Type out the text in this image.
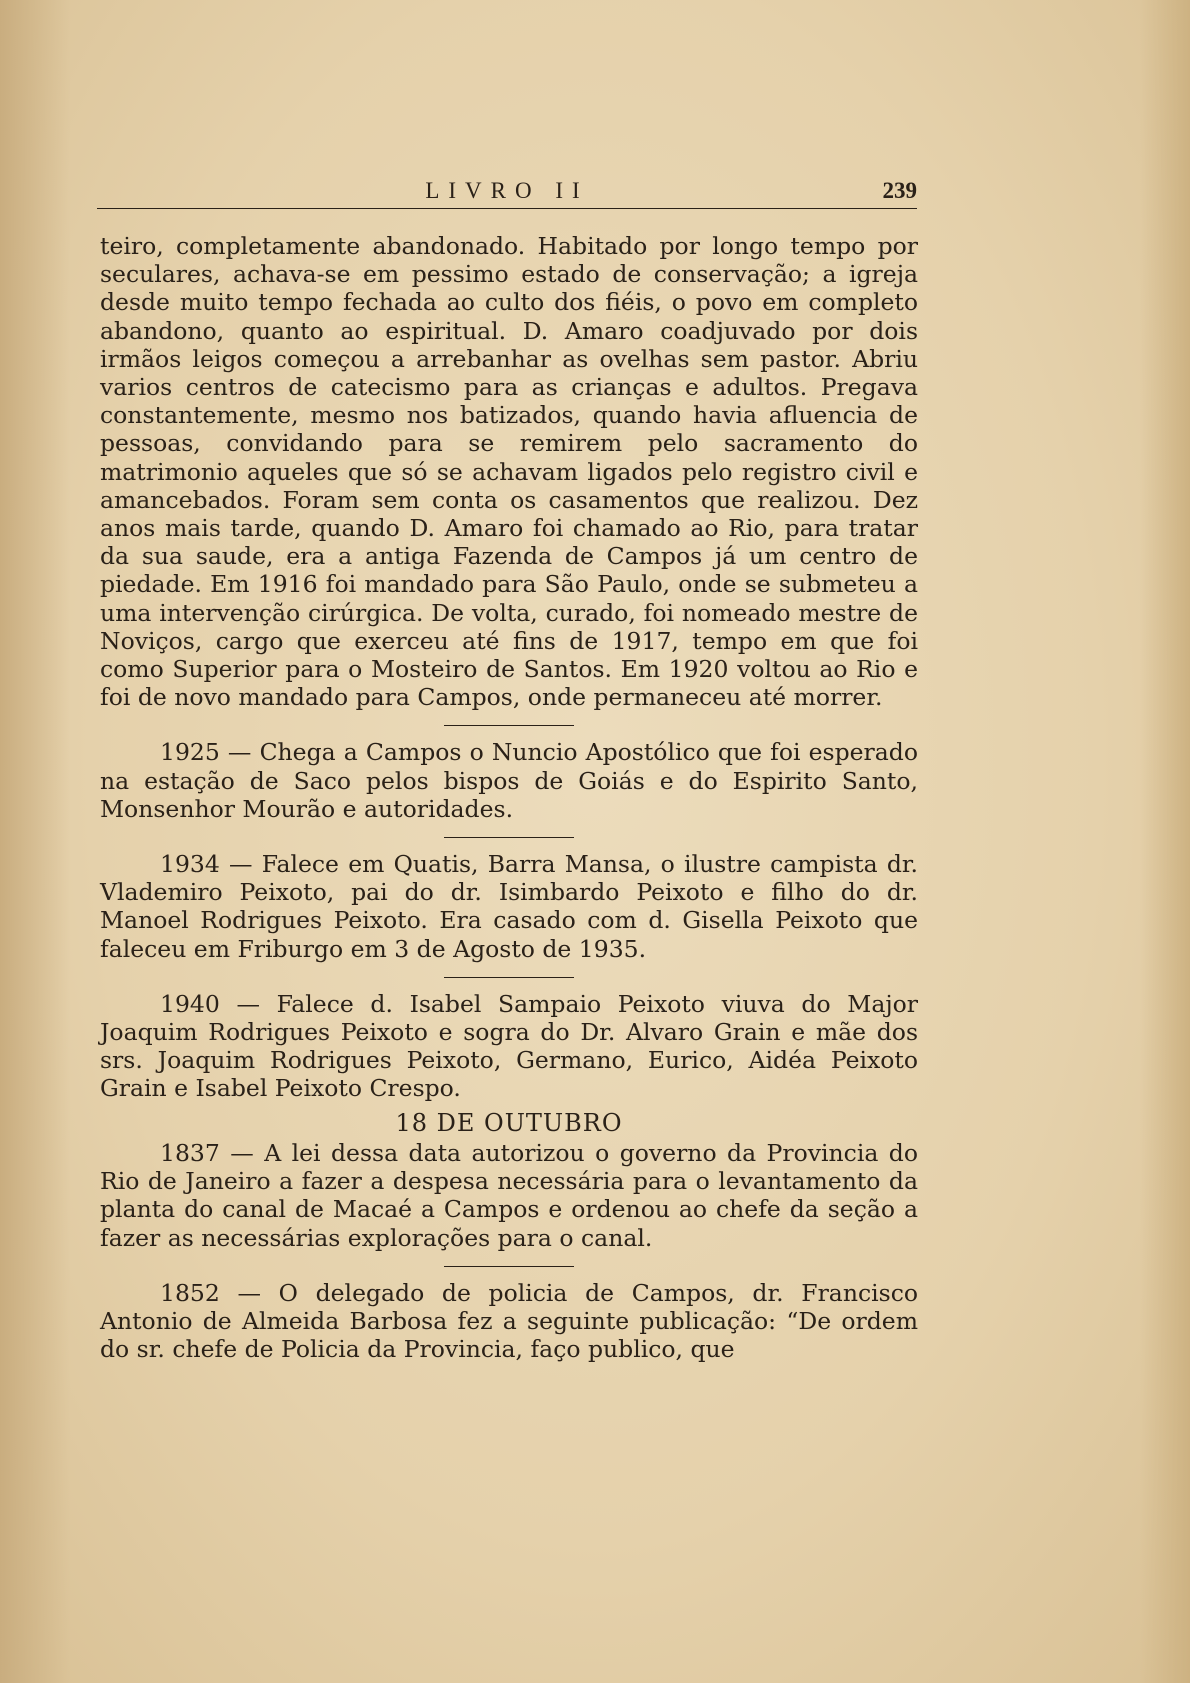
LIVRO II	239

teiro, completamente abandonado. Habitado por longo tempo por seculares, achava-se em pessimo estado de conservação; a igreja desde muito tempo fechada ao culto dos fiéis, o povo em completo abandono, quanto ao espiritual. D. Amaro coadjuvado por dois irmãos leigos começou a arrebanhar as ovelhas sem pastor. Abriu varios centros de catecismo para as crianças e adultos. Pregava constantemente, mesmo nos batizados, quando havia afluencia de pessoas, convidando para se remirem pelo sacramento do matrimonio aqueles que só se achavam ligados pelo registro civil e amancebados. Foram sem conta os casamentos que realizou. Dez anos mais tarde, quando D. Amaro foi chamado ao Rio, para tratar da sua saude, era a antiga Fazenda de Campos já um centro de piedade. Em 1916 foi mandado para São Paulo, onde se submeteu a uma intervenção cirúrgica. De volta, curado, foi nomeado mestre de Noviços, cargo que exerceu até fins de 1917, tempo em que foi como Superior para o Mosteiro de Santos. Em 1920 voltou ao Rio e foi de novo mandado para Campos, onde permaneceu até morrer.

1925 — Chega a Campos o Nuncio Apostólico que foi esperado na estação de Saco pelos bispos de Goiás e do Espirito Santo, Monsenhor Mourão e autoridades.

1934 — Falece em Quatis, Barra Mansa, o ilustre campista dr. Vlademiro Peixoto, pai do dr. Isimbardo Peixoto e filho do dr. Manoel Rodrigues Peixoto. Era casado com d. Gisella Peixoto que faleceu em Friburgo em 3 de Agosto de 1935.

1940 — Falece d. Isabel Sampaio Peixoto viuva do Major Joaquim Rodrigues Peixoto e sogra do Dr. Alvaro Grain e mãe dos srs. Joaquim Rodrigues Peixoto, Germano, Eurico, Aidéa Peixoto Grain e Isabel Peixoto Crespo.

18 DE OUTUBRO

1837 — A lei dessa data autorizou o governo da Provincia do Rio de Janeiro a fazer a despesa necessária para o levantamento da planta do canal de Macaé a Campos e ordenou ao chefe da seção a fazer as necessárias explorações para o canal.

1852 — O delegado de policia de Campos, dr. Francisco Antonio de Almeida Barbosa fez a seguinte publicação: “De ordem do sr. chefe de Policia da Provincia, faço publico, que
